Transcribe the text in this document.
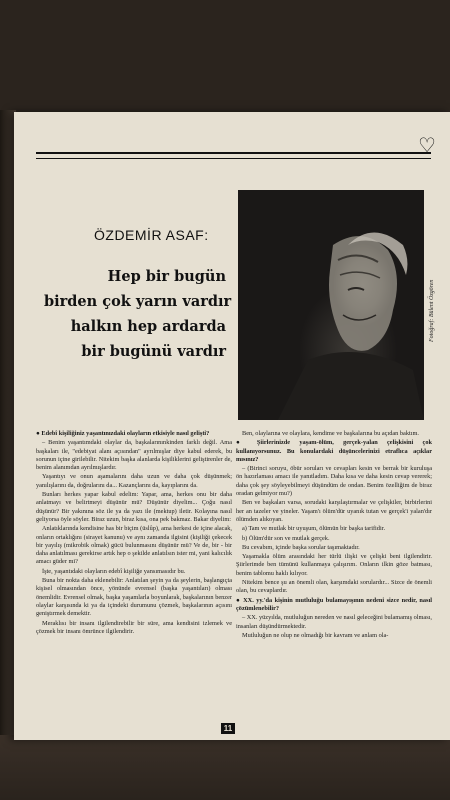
♡
Fotoğraf: Bülent Özgören
ÖZDEMİR ASAF:
Hep bir bugün
birden çok yarın vardır
halkın hep ardarda
bir bugünü vardır

● Edebî kişiliğiniz yaşantınızdaki olayların etkisiyle nasıl gelişti?

– Benim yaşantımdaki olaylar da, başkalarınınkinden farklı değil. Ama başkaları ile, "edebiyat alanı açısından" ayrılmışlar diye kabul ederek, bu sorunun içine girilebilir. Nitekim başka alanlarda kişiliklerini geliştirenler de, benim alanımdan ayrılmışlardır.

Yaşantıyı ve onun aşamalarını daha uzun ve daha çok düşünmek; yanılışlarını da, doğrularını da... Kazançlarını da, kayıplarını da.

Bunları herkes yapar kabul edelim: Yapar, ama, herkes onu bir daha anlatmayı ve belirtmeyi düşünür mü? Düşünür diyelim... Çoğu nasıl düşünür? Bir yakınına söz ile ya da yazı ile (mektup) iletir. Kolayına nasıl geliyorsa öyle söyler. Biraz uzun, biraz kısa, ona pek bakmaz. Bakar diyelim:

Anlatıklarında kendisine has bir biçim (üslûp), ama herkesi de içine alacak, onların ortaklığını (sirayet kanunu) ve aynı zamanda ilgisini (kişiliği çekecek bir yayılış (mikrobik olmak) gücü bulunmasını düşünür mü? Ve de, bir - bir daha anlatılması gerekirse artık hep o şekilde anlatılsın ister mi, yani kalıcılık amacı güder mi?

İşte, yaşantıdaki olayların edebî kişiliğe yansımasıdır bu.

Buna bir nokta daha eklenebilir: Anlatılan şeyin ya da şeylerin, başlangıçta kişisel olmasından önce, yönünde evrensel (başka yaşantıları) olması önemlidir. Evrensel olmak, başka yaşamlarla boyunlarak, başkalarının benzer olaylar karşısında ki ya da içindeki durumunu çözmek, başkalarının açısını geniştırmek demektir.

Meraklısı bir insanı ilgilendirebilir bir süre, ama kendisini izlemek ve çözmek bir insanı ömrünce ilgilendirir.

Ben, olaylarına ve olaylara, kendime ve başkalarına bu açıdan baktım.

● Şiirlerinizde yaşam-ölüm, gerçek-yalan çelişkisini çok kullanıyorsunuz. Bu konulardaki düşüncelerinizi etraflıca açıklar mısınız?

– (Birinci soruyu, öbür soruları ve cevapları kesin ve berrak bir kuruluşa ön hazırlaması amacı ile yanıtladım. Daha kısa ve daha kesin cevap vererek; daha çok şey söyleyebilmeyi düşündüm de ondan. Benim özelliğim de biraz oradan gelmiyor mu?)

Ben ve başkaları varsa, sorudaki karşılaştırmalar ve çelişkiler, birbirlerini her an tazeler ve yineler. Yaşam'ı ölüm'dür uyanık tutan ve gerçek'i yalan'dır ölümden alıkoyan.

a) Tam ve mutlak bir uyuşum, ölümün bir başka tarifidir.

b) Ölüm'dür son ve mutlak gerçek.

Bu cevabım, içinde başka sorular taşımaktadır.

Yaşamakla ölüm arasındaki her türlü ilişki ve çelişki beni ilgilendirir. Şiirlerimde ben tümünü kullanmaya çalışırım. Onların ilkin göze batması, benim tablomu haklı kılıyor.

Nitekim bence şu an önemli olan, karşımdaki sorulardır... Sizce de önemli olan, bu cevaplardır.

● XX. yy.'da kişinin mutluluğu bulamayışının nedeni sizce nedir, nasıl çözümlenebilir?

– XX. yüzyılda, mutluluğun nereden ve nasıl geleceğini bulamamış olması, insanları düşündürmektedir.

Mutluluğun ne olup ne olmadığı bir kavram ve anlam ola-

11
